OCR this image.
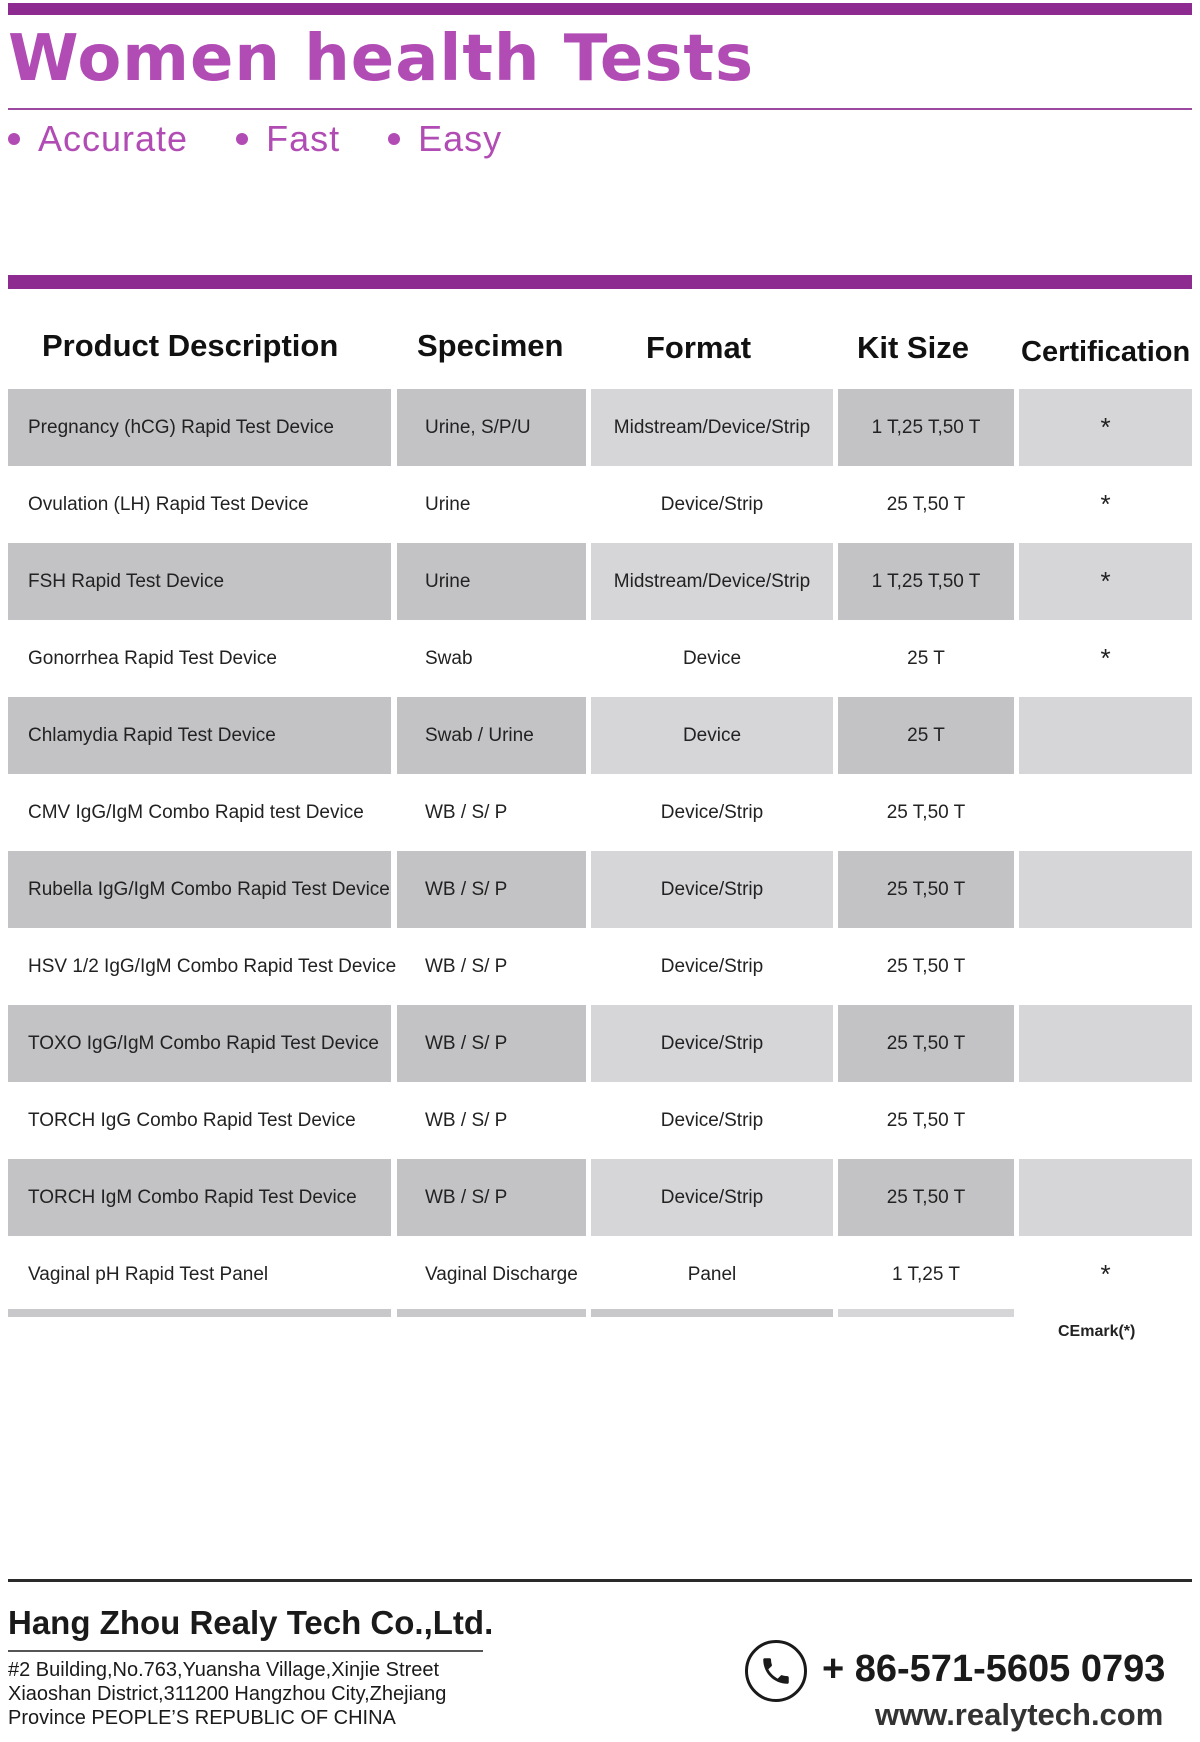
Women health Tests
Accurate Fast Easy
Product Description	Specimen	Format	Kit Size Certification
Pregnancy (hCG) Rapid Test Device	Urine, S/P/U	Midstream/Device/Strip	1 T,25 T,50 T	*
Ovulation (LH) Rapid Test Device	Urine	Device/Strip	25 T,50 T	*
FSH Rapid Test Device	Urine	Midstream/Device/Strip	1 T,25 T,50 T	*
Gonorrhea Rapid Test Device	Swab	Device	25 T	*
Chlamydia Rapid Test Device	Swab / Urine	Device	25 T
CMV IgG/IgM Combo Rapid test Device	WB / S/ P	Device/Strip	25 T,50 T
Rubella IgG/IgM Combo Rapid Test Device	WB / S/ P	Device/Strip	25 T,50 T
HSV 1/2 IgG/IgM Combo Rapid Test Device	WB / S/ P	Device/Strip	25 T,50 T
TOXO IgG/IgM Combo Rapid Test Device	WB / S/ P	Device/Strip	25 T,50 T
TORCH IgG Combo Rapid Test Device	WB / S/ P	Device/Strip	25 T,50 T
TORCH IgM Combo Rapid Test Device	WB / S/ P	Device/Strip	25 T,50 T
Vaginal pH Rapid Test Panel	Vaginal Discharge	Panel	1 T,25 T	*
CEmark(*)
Hang Zhou Realy Tech Co.,Ltd.
#2 Building,No.763,Yuansha Village,Xinjie Street
Xiaoshan District,311200 Hangzhou City,Zhejiang
Province PEOPLE’S REPUBLIC OF CHINA
+ 86-571-5605 0793
www.realytech.com
